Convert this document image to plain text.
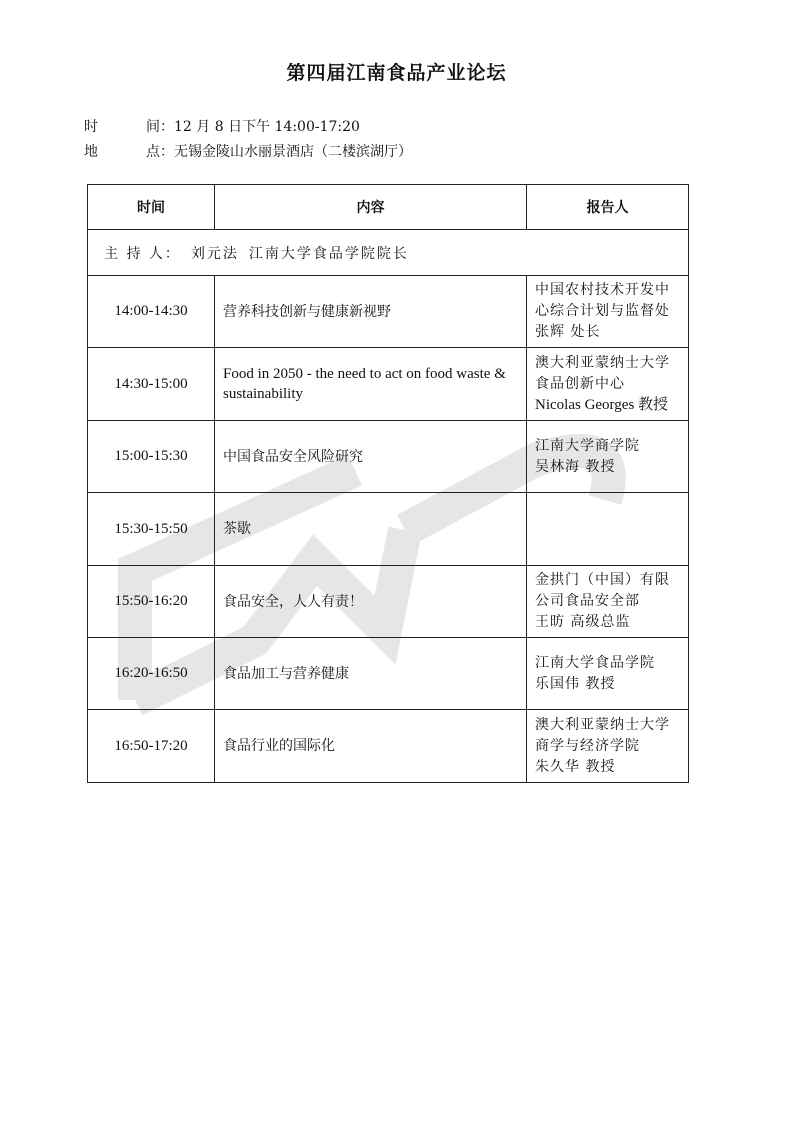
第四届江南食品产业论坛
时	间：12 月 8 日下午 14:00-17:20
地	点：无锡金陵山水丽景酒店（二楼滨湖厅）
时间	内容	报告人
主 持 人： 刘元法 江南大学食品学院院长		
14:00-14:30	营养科技创新与健康新视野	中国农村技术开发中
心综合计划与监督处
张辉 处长

14:30-15:00	Food in 2050 - the need to act on food waste & sustainability	澳大利亚蒙纳士大学
食品创新中心
Nicolas Georges 教授

15:00-15:30	中国食品安全风险研究	江南大学商学院
吴林海 教授

15:30-15:50	茶歇	
15:50-16:20	食品安全，人人有责！	金拱门（中国）有限
公司食品安全部
王昉 高级总监

16:20-16:50	食品加工与营养健康	江南大学食品学院
乐国伟 教授

16:50-17:20	食品行业的国际化	澳大利亚蒙纳士大学
商学与经济学院
朱久华 教授
